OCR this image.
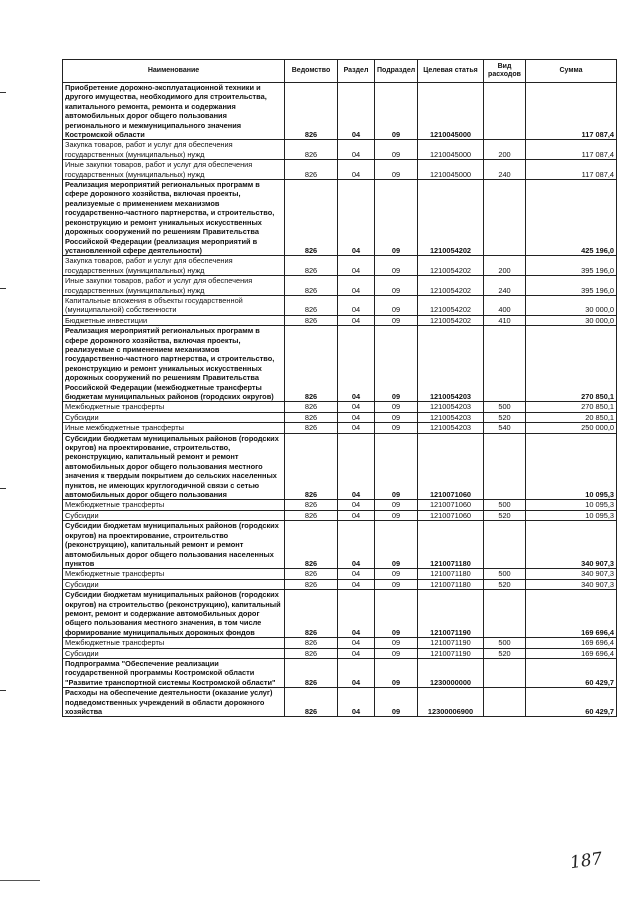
Наименование	Ведомство	Раздел	Подраздел	Целевая статья	Вид расходов	Сумма
Приобретение дорожно-эксплуатационной техники и другого имущества, необходимого для строительства, капитального ремонта, ремонта и содержания автомобильных дорог общего пользования регионального и межмуниципального значения Костромской области	826	04	09	1210045000		117 087,4
Закупка товаров, работ и услуг для обеспечения государственных (муниципальных) нужд	826	04	09	1210045000	200	117 087,4
Иные закупки товаров, работ и услуг для обеспечения государственных (муниципальных) нужд	826	04	09	1210045000	240	117 087,4
Реализация мероприятий региональных программ в сфере дорожного хозяйства, включая проекты, реализуемые с применением механизмов государственно-частного партнерства, и строительство, реконструкцию и ремонт уникальных искусственных дорожных сооружений по решениям Правительства Российской Федерации (реализация мероприятий в установленной сфере деятельности)	826	04	09	1210054202		425 196,0
Закупка товаров, работ и услуг для обеспечения государственных (муниципальных) нужд	826	04	09	1210054202	200	395 196,0
Иные закупки товаров, работ и услуг для обеспечения государственных (муниципальных) нужд	826	04	09	1210054202	240	395 196,0
Капитальные вложения в объекты государственной (муниципальной) собственности	826	04	09	1210054202	400	30 000,0
Бюджетные инвестиции	826	04	09	1210054202	410	30 000,0
Реализация мероприятий региональных программ в сфере дорожного хозяйства, включая проекты, реализуемые с применением механизмов государственно-частного партнерства, и строительство, реконструкцию и ремонт уникальных искусственных дорожных сооружений по решениям Правительства Российской Федерации (межбюджетные трансферты бюджетам муниципальных районов (городских округов)	826	04	09	1210054203		270 850,1
Межбюджетные трансферты	826	04	09	1210054203	500	270 850,1
Субсидии	826	04	09	1210054203	520	20 850,1
Иные межбюджетные трансферты	826	04	09	1210054203	540	250 000,0
Субсидии бюджетам муниципальных районов (городских округов) на проектирование, строительство, реконструкцию, капитальный ремонт и ремонт автомобильных дорог общего пользования местного значения к твердым покрытием до сельских населенных пунктов, не имеющих круглогодичной связи с сетью автомобильных дорог общего пользования	826	04	09	1210071060		10 095,3
Межбюджетные трансферты	826	04	09	1210071060	500	10 095,3
Субсидии	826	04	09	1210071060	520	10 095,3
Субсидии бюджетам муниципальных районов (городских округов) на проектирование, строительство (реконструкцию), капитальный ремонт и ремонт автомобильных дорог общего пользования населенных пунктов	826	04	09	1210071180		340 907,3
Межбюджетные трансферты	826	04	09	1210071180	500	340 907,3
Субсидии	826	04	09	1210071180	520	340 907,3
Субсидии бюджетам муниципальных районов (городских округов) на строительство (реконструкцию), капитальный ремонт, ремонт и содержание автомобильных дорог общего пользования местного значения, в том числе формирование муниципальных дорожных фондов	826	04	09	1210071190		169 696,4
Межбюджетные трансферты	826	04	09	1210071190	500	169 696,4
Субсидии	826	04	09	1210071190	520	169 696,4
Подпрограмма "Обеспечение реализации государственной программы Костромской области "Развитие транспортной системы Костромской области"	826	04	09	1230000000		60 429,7
Расходы на обеспечение деятельности (оказание услуг) подведомственных учреждений в области дорожного хозяйства	826	04	09	12300006900		60 429,7
187
